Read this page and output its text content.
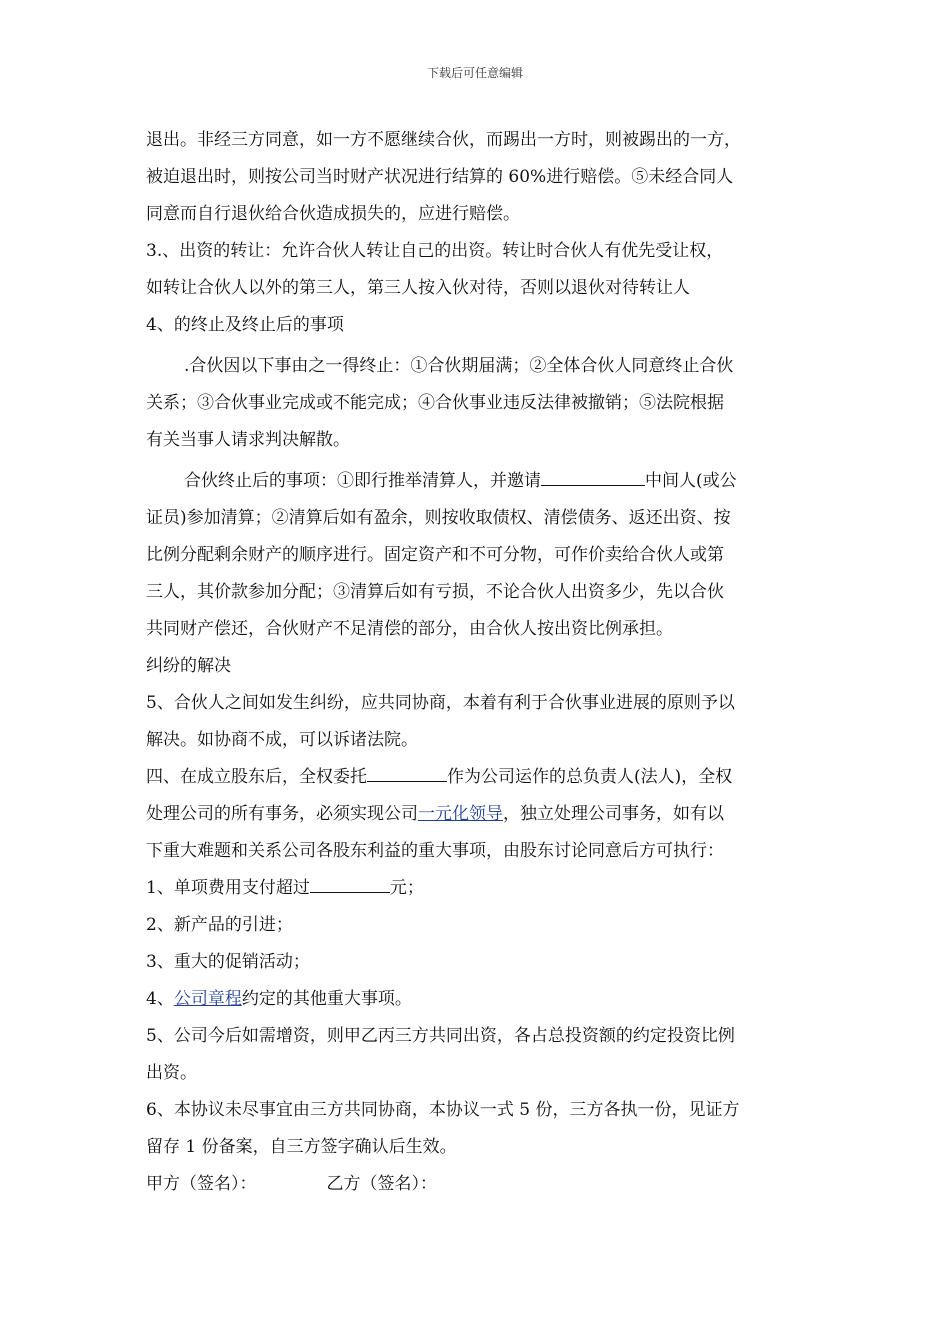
下载后可任意编辑
退出。非经三方同意，如一方不愿继续合伙，而踢出一方时，则被踢出的一方，
被迫退出时，则按公司当时财产状况进行结算的 60%进行赔偿。⑤未经合同人
同意而自行退伙给合伙造成损失的，应进行赔偿。
3.、出资的转让：允许合伙人转让自己的出资。转让时合伙人有优先受让权，
如转让合伙人以外的第三人，第三人按入伙对待，否则以退伙对待转让人
4、的终止及终止后的事项
.合伙因以下事由之一得终止：①合伙期届满；②全体合伙人同意终止合伙
关系；③合伙事业完成或不能完成；④合伙事业违反法律被撤销；⑤法院根据
有关当事人请求判决解散。
合伙终止后的事项：①即行推举清算人，并邀请	中间人(或公
证员)参加清算；②清算后如有盈余，则按收取债权、清偿债务、返还出资、按
比例分配剩余财产的顺序进行。固定资产和不可分物，可作价卖给合伙人或第
三人，其价款参加分配；③清算后如有亏损，不论合伙人出资多少，先以合伙
共同财产偿还，合伙财产不足清偿的部分，由合伙人按出资比例承担。
纠纷的解决
5、合伙人之间如发生纠纷，应共同协商，本着有利于合伙事业进展的原则予以
解决。如协商不成，可以诉诸法院。
四、在成立股东后，全权委托	作为公司运作的总负责人(法人)，全权
处理公司的所有事务，必须实现公司一元化领导，独立处理公司事务，如有以
下重大难题和关系公司各股东利益的重大事项，由股东讨论同意后方可执行：
1、单项费用支付超过	元；
2、新产品的引进；
3、重大的促销活动；
4、公司章程约定的其他重大事项。
5、公司今后如需增资，则甲乙丙三方共同出资，各占总投资额的约定投资比例
出资。
6、本协议未尽事宜由三方共同协商，本协议一式 5 份，三方各执一份，见证方
留存 1 份备案，自三方签字确认后生效。
甲方（签名）：	乙方（签名）：
